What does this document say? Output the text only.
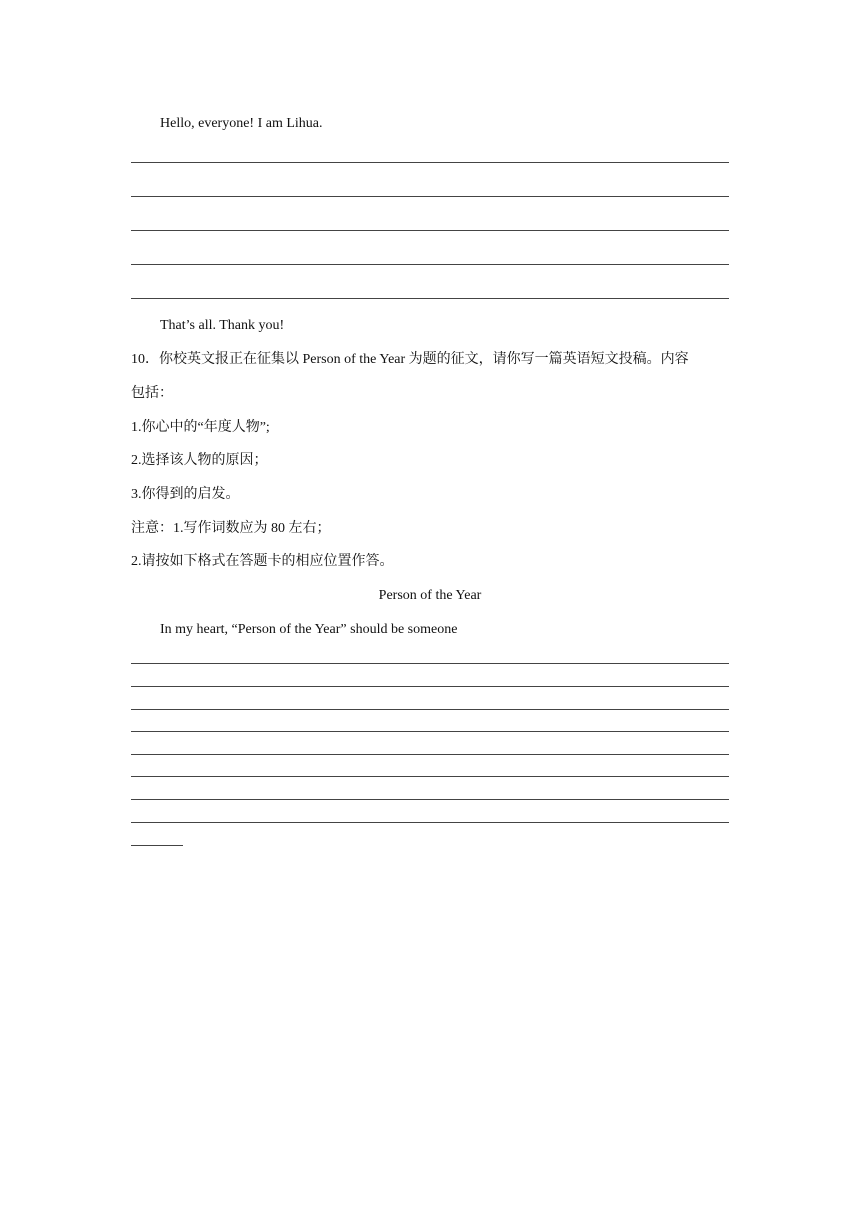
Hello, everyone! I am Lihua.
That’s all. Thank you!
10．你校英文报正在征集以 Person of the Year 为题的征文，请你写一篇英语短文投稿。内容
包括：
1.你心中的“年度人物”;
2.选择该人物的原因；
3.你得到的启发。
注意：1.写作词数应为 80 左右；
2.请按如下格式在答题卡的相应位置作答。
Person of the Year
In my heart, “Person of the Year” should be someone
